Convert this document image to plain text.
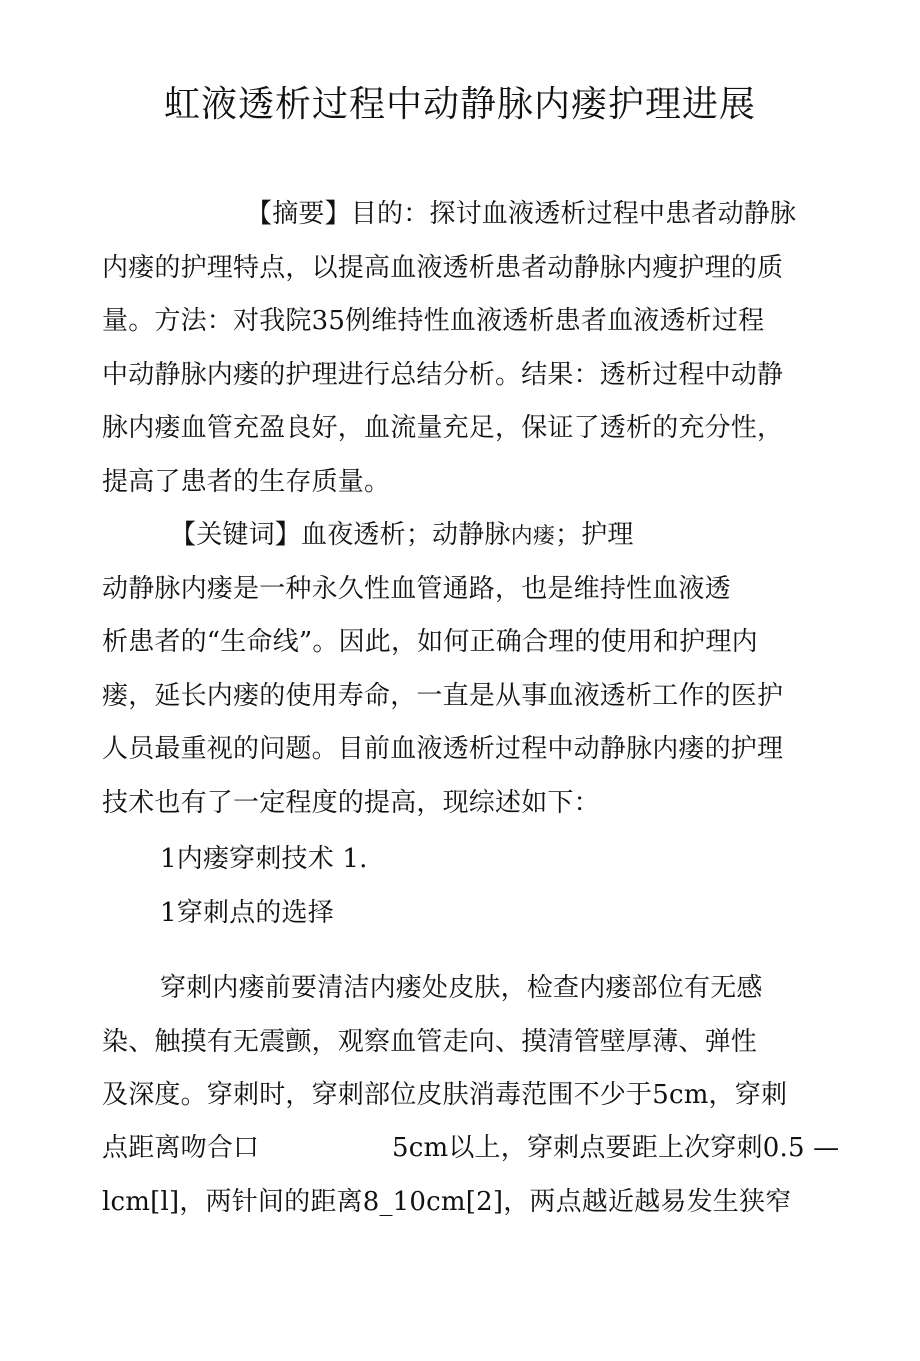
虹液透析过程中动静脉内瘘护理进展
【摘要】目的：探讨血液透析过程中患者动静脉
内瘘的护理特点，以提高血液透析患者动静脉内瘦护理的质
量。方法：对我院35例维持性血液透析患者血液透析过程
中动静脉内瘘的护理进行总结分析。结果：透析过程中动静
脉内瘘血管充盈良好，血流量充足，保证了透析的充分性，
提高了患者的生存质量。
【关键词】血夜透析；动静脉内瘘；护理
动静脉内瘘是一种永久性血管通路，也是维持性血液透
析患者的“生命线”。因此，如何正确合理的使用和护理内
瘘，延长内瘘的使用寿命，一直是从事血液透析工作的医护
人员最重视的问题。目前血液透析过程中动静脉内瘘的护理
技术也有了一定程度的提高，现综述如下：
1内瘘穿刺技术 1.
1穿刺点的选择
穿刺内瘘前要清洁内瘘处皮肤，检查内瘘部位有无感
染、触摸有无震颤，观察血管走向、摸清管壁厚薄、弹性
及深度。穿刺时，穿刺部位皮肤消毒范围不少于5cm，穿刺
点距离吻合口	5cm以上，穿刺点要距上次穿刺0.5 —
lcm[l]，两针间的距离8_10cm[2]，两点越近越易发生狭窄
